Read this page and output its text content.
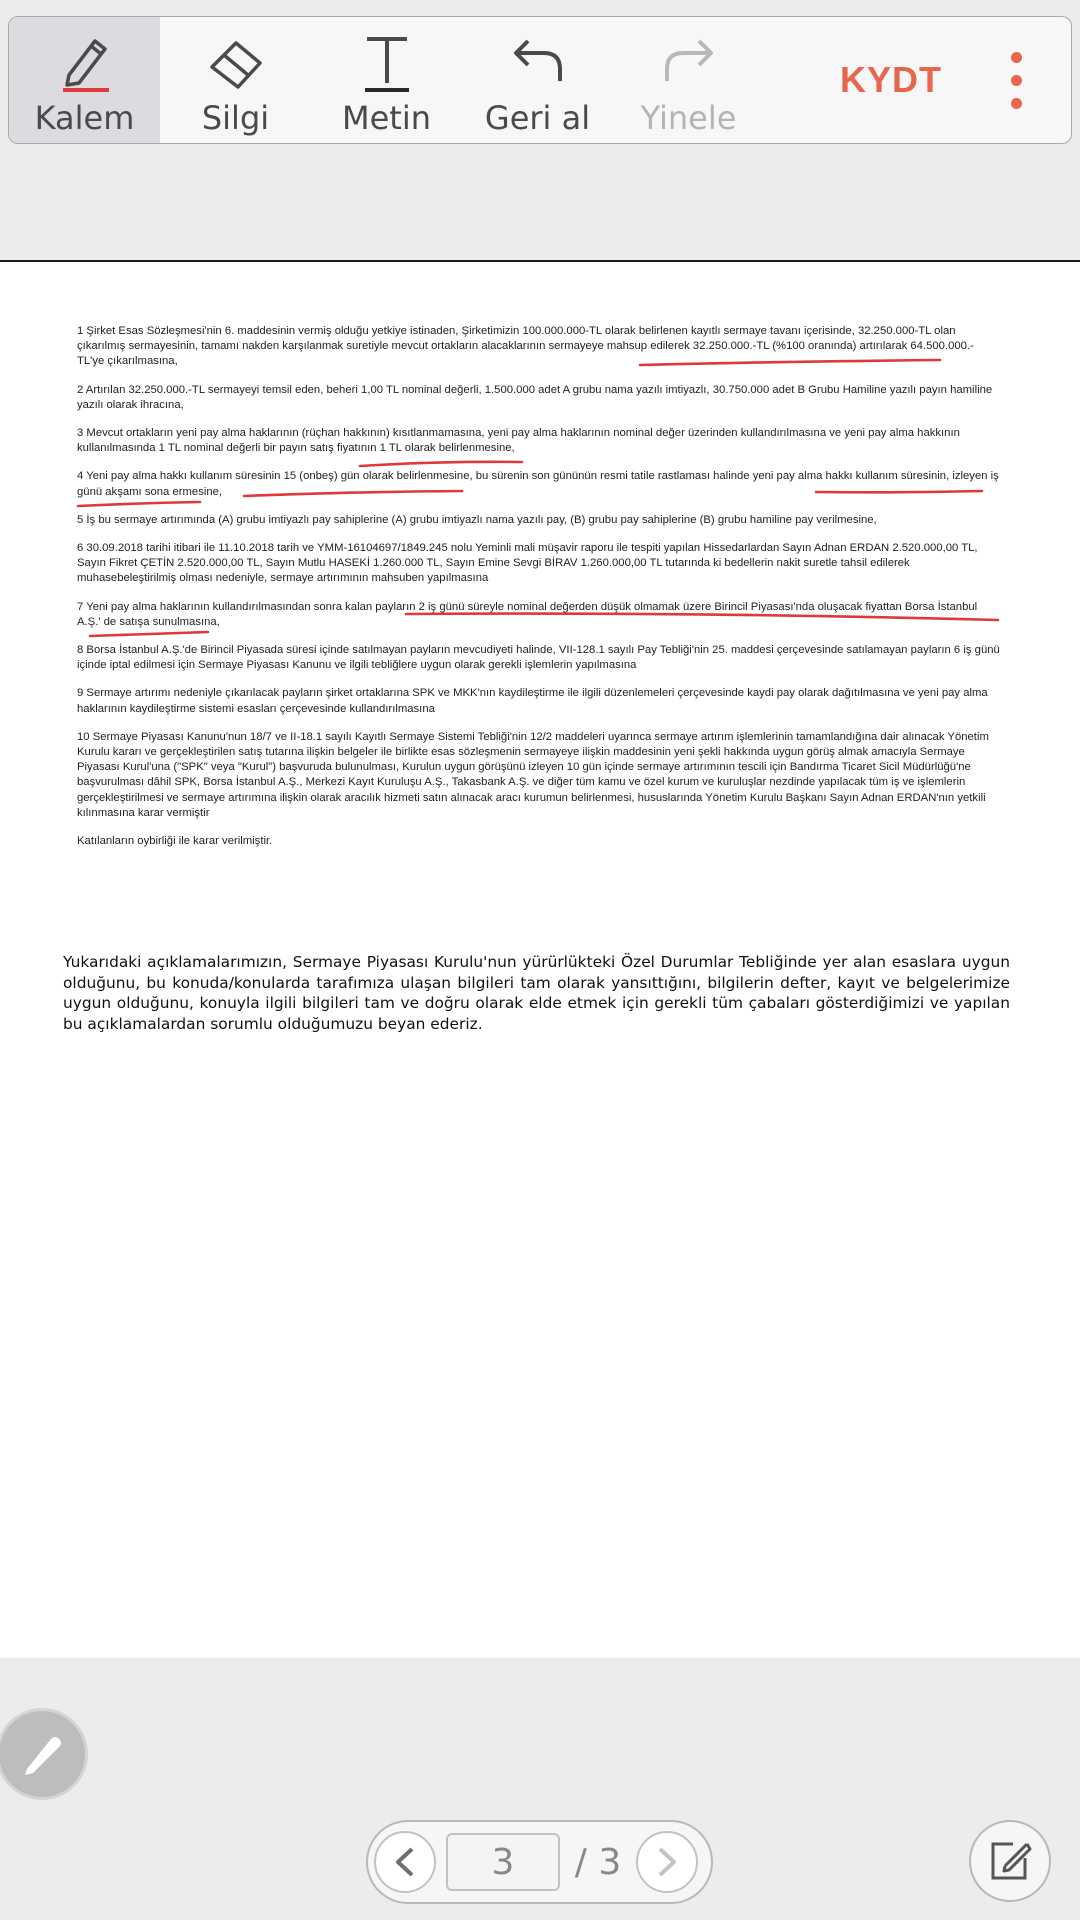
Kalem Silgi Metin Geri al Yinele
KYDT

1 Şirket Esas Sözleşmesi'nin 6. maddesinin vermiş olduğu yetkiye istinaden, Şirketimizin 100.000.000-TL olarak belirlenen kayıtlı sermaye tavanı içerisinde, 32.250.000-TL olan çıkarılmış sermayesinin, tamamı nakden karşılanmak suretiyle mevcut ortakların alacaklarının sermayeye mahsup edilerek 32.250.000.-TL (%100 oranında) artırılarak 64.500.000.-TL'ye çıkarılmasına,

2 Artırılan 32.250.000.-TL sermayeyi temsil eden, beheri 1,00 TL nominal değerli, 1.500.000 adet A grubu nama yazılı imtiyazlı, 30.750.000 adet B Grubu Hamiline yazılı payın hamiline yazılı olarak ihracına,

3 Mevcut ortakların yeni pay alma haklarının (rüçhan hakkının) kısıtlanmamasına, yeni pay alma haklarının nominal değer üzerinden kullandırılmasına ve yeni pay alma hakkının kullanılmasında 1 TL nominal değerli bir payın satış fiyatının 1 TL olarak belirlenmesine,

4 Yeni pay alma hakkı kullanım süresinin 15 (onbeş) gün olarak belirlenmesine, bu sürenin son gününün resmi tatile rastlaması halinde yeni pay alma hakkı kullanım süresinin, izleyen iş günü akşamı sona ermesine,

5 İş bu sermaye artırımında (A) grubu imtiyazlı pay sahiplerine (A) grubu imtiyazlı nama yazılı pay, (B) grubu pay sahiplerine (B) grubu hamiline pay verilmesine,

6 30.09.2018 tarihi itibari ile 11.10.2018 tarih ve YMM-16104697/1849.245 nolu Yeminli mali müşavir raporu ile tespiti yapılan Hissedarlardan Sayın Adnan ERDAN 2.520.000,00 TL, Sayın Fikret ÇETİN 2.520.000,00 TL, Sayın Mutlu HASEKİ 1.260.000 TL, Sayın Emine Sevgi BİRAV 1.260.000,00 TL tutarında ki bedellerin nakit suretle tahsil edilerek muhasebeleştirilmiş olması nedeniyle, sermaye artırımının mahsuben yapılmasına

7 Yeni pay alma haklarının kullandırılmasından sonra kalan payların 2 iş günü süreyle nominal değerden düşük olmamak üzere Birincil Piyasası'nda oluşacak fiyattan Borsa İstanbul A.Ş.' de satışa sunulmasına,

8 Borsa İstanbul A.Ş.'de Birincil Piyasada süresi içinde satılmayan payların mevcudiyeti halinde, VII-128.1 sayılı Pay Tebliği'nin 25. maddesi çerçevesinde satılamayan payların 6 iş günü içinde iptal edilmesi için Sermaye Piyasası Kanunu ve ilgili tebliğlere uygun olarak gerekli işlemlerin yapılmasına

9 Sermaye artırımı nedeniyle çıkarılacak payların şirket ortaklarına SPK ve MKK'nın kaydileştirme ile ilgili düzenlemeleri çerçevesinde kaydi pay olarak dağıtılmasına ve yeni pay alma haklarının kaydileştirme sistemi esasları çerçevesinde kullandırılmasına

10 Sermaye Piyasası Kanunu'nun 18/7 ve II-18.1 sayılı Kayıtlı Sermaye Sistemi Tebliği'nin 12/2 maddeleri uyarınca sermaye artırım işlemlerinin tamamlandığına dair alınacak Yönetim Kurulu kararı ve gerçekleştirilen satış tutarına ilişkin belgeler ile birlikte esas sözleşmenin sermayeye ilişkin maddesinin yeni şekli hakkında uygun görüş almak amacıyla Sermaye Piyasası Kurul'una ("SPK" veya "Kurul") başvuruda bulunulması, Kurulun uygun görüşünü izleyen 10 gün içinde sermaye artırımının tescili için Bandırma Ticaret Sicil Müdürlüğü'ne başvurulması dâhil SPK, Borsa İstanbul A.Ş., Merkezi Kayıt Kuruluşu A.Ş., Takasbank A.Ş. ve diğer tüm kamu ve özel kurum ve kuruluşlar nezdinde yapılacak tüm iş ve işlemlerin gerçekleştirilmesi ve sermaye artırımına ilişkin olarak aracılık hizmeti satın alınacak aracı kurumun belirlenmesi, hususlarında Yönetim Kurulu Başkanı Sayın Adnan ERDAN'nın yetkili kılınmasına karar vermiştir

Katılanların oybirliği ile karar verilmiştir.

Yukarıdaki açıklamalarımızın, Sermaye Piyasası Kurulu'nun yürürlükteki Özel Durumlar Tebliğinde yer alan esaslara uygun olduğunu, bu konuda/konularda tarafımıza ulaşan bilgileri tam olarak yansıttığını, bilgilerin defter, kayıt ve belgelerimize uygun olduğunu, konuyla ilgili bilgileri tam ve doğru olarak elde etmek için gerekli tüm çabaları gösterdiğimizi ve yapılan bu açıklamalardan sorumlu olduğumuzu beyan ederiz.
3	/ 3
